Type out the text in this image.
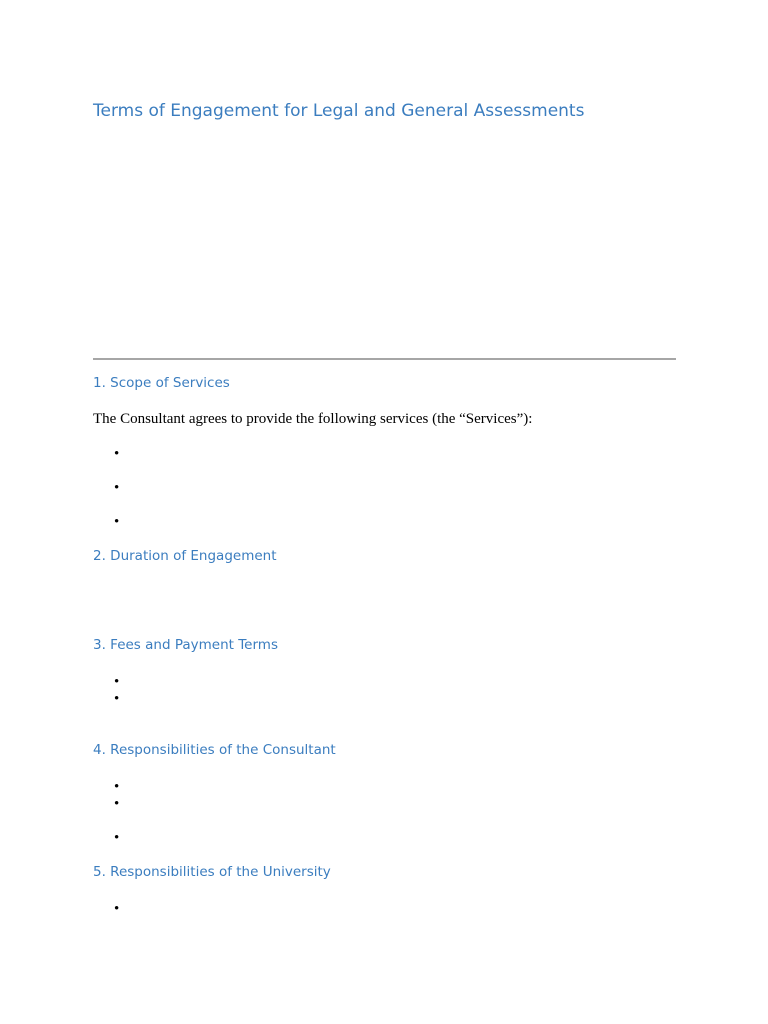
Terms of Engagement for Legal and General Assessments
1. Scope of Services
The Consultant agrees to provide the following services (the “Services”):
•
•
•
2. Duration of Engagement
3. Fees and Payment Terms
•
•
4. Responsibilities of the Consultant
•
•
•
5. Responsibilities of the University
•
